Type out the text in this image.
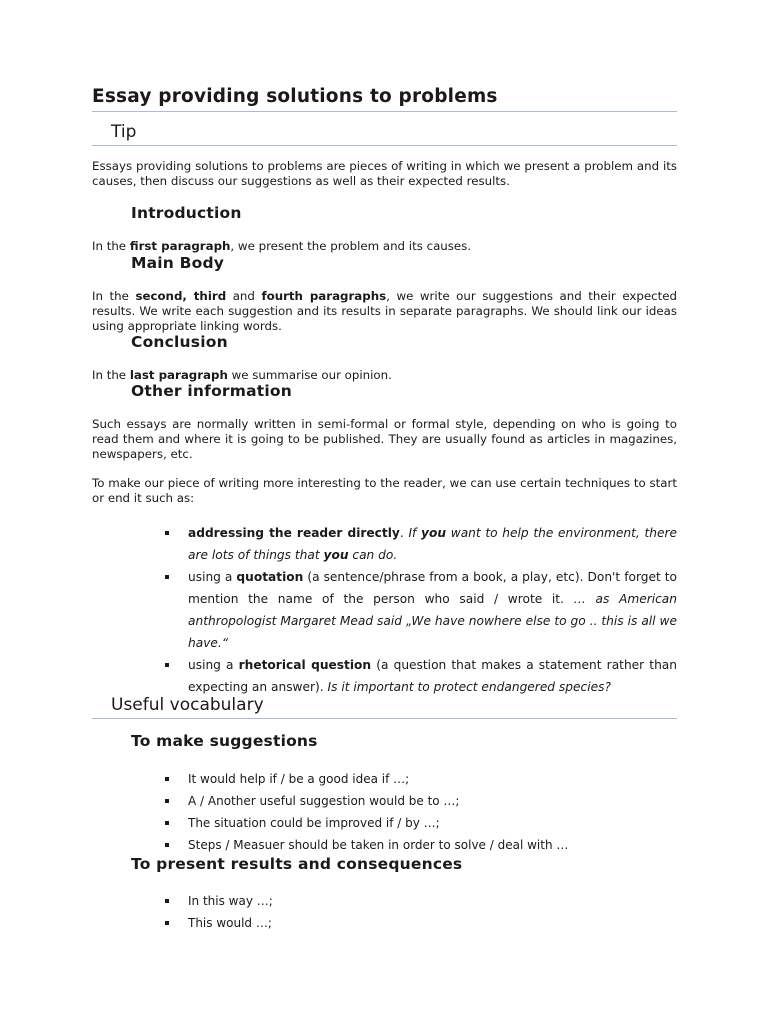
Essay providing solutions to problems
Tip

Essays providing solutions to problems are pieces of writing in which we present a problem and its causes, then discuss our suggestions as well as their expected results.

Introduction

In the first paragraph, we present the problem and its causes.

Main Body

In the second, third and fourth paragraphs, we write our suggestions and their expected results. We write each suggestion and its results in separate paragraphs. We should link our ideas using appropriate linking words.

Conclusion

In the last paragraph we summarise our opinion.

Other information

Such essays are normally written in semi-formal or formal style, depending on who is going to read them and where it is going to be published. They are usually found as articles in magazines, newspapers, etc.

To make our piece of writing more interesting to the reader, we can use certain techniques to start or end it such as:

addressing the reader directly. If you want to help the environment, there are lots of things that you can do.
using a quotation (a sentence/phrase from a book, a play, etc). Don't forget to mention the name of the person who said / wrote it. … as American anthropologist Margaret Mead said „We have nowhere else to go .. this is all we have.“
using a rhetorical question (a question that makes a statement rather than expecting an answer). Is it important to protect endangered species?
Useful vocabulary
To make suggestions
It would help if / be a good idea if …;
A / Another useful suggestion would be to …;
The situation could be improved if / by …;
Steps / Measuer should be taken in order to solve / deal with …
To present results and consequences
In this way …;
This would …;
